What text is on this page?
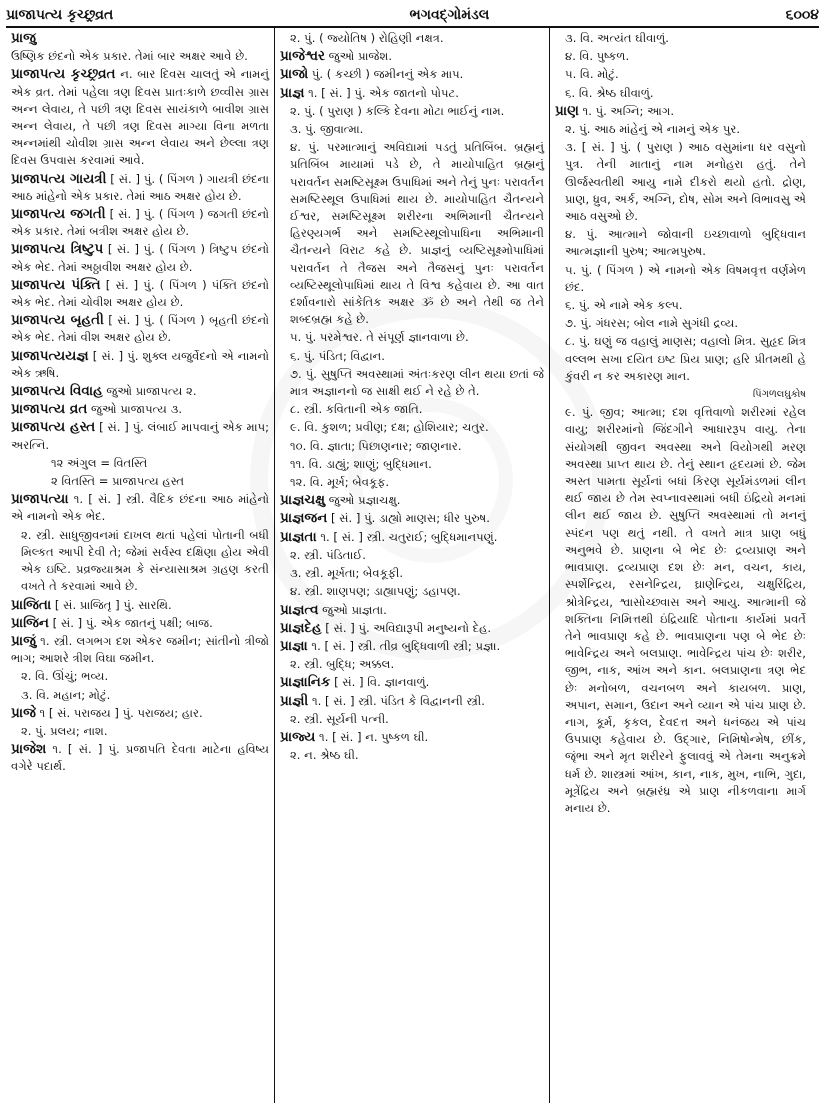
પ્રાજાપત્ય કૃચ્છ્રવ્રત	ભગવદ્ગોમંડલ	૬૦૦૪
પ્રાજુ
ઉષ્ણિક છંદનો એક પ્રકાર. તેમાં બાર અક્ષર આવે છે.
પ્રાજાપત્ય કૃચ્છ્રવ્રત ન. બાર દિવસ ચાલતું એ નામનું એક વ્રત. તેમાં પહેલા ત્રણ દિવસ પ્રાતઃકાળે છવ્વીસ ગ્રાસ અન્ન લેવાય, તે પછી ત્રણ દિવસ સાયંકાળે બાવીશ ગ્રાસ અન્ન લેવાય, તે પછી ત્રણ દિવસ માગ્યા વિના મળતા અન્નમાંથી ચોવીશ ગ્રાસ અન્ન લેવાય અને છેલ્લા ત્રણ દિવસ ઉપવાસ કરવામાં આવે.
પ્રાજાપત્ય ગાયત્રી [ સં. ] પું. ( પિંગળ ) ગાયત્રી છંદના આઠ માંહેનો એક પ્રકાર. તેમાં આઠ અક્ષર હોય છે.
પ્રાજાપત્ય જગતી [ સં. ] પું. ( પિંગળ ) જગતી છંદનો એક પ્રકાર. તેમાં બત્રીશ અક્ષર હોય છે.
પ્રાજાપત્ય ત્રિષ્ટુપ [ સં. ] પું. ( પિંગળ ) ત્રિષ્ટુપ છંદનો એક ભેદ. તેમાં અઠ્ઠાવીશ અક્ષર હોય છે.
પ્રાજાપત્ય પંક્તિ [ સં. ] પું. ( પિંગળ ) પંક્તિ છંદનો એક ભેદ. તેમાં ચોવીશ અક્ષર હોય છે.
પ્રાજાપત્ય બૃહતી [ સં. ] પું. ( પિંગળ ) બૃહતી છંદનો એક ભેદ. તેમાં વીશ અક્ષર હોય છે.
પ્રાજાપત્યયજ્ઞ [ સં. ] પું. શુક્લ યજુર્વેદનો એ નામનો એક ઋષિ.
પ્રાજાપત્ય વિવાહ જુઓ પ્રાજાપત્ય ૨.
પ્રાજાપત્ય વ્રત જુઓ પ્રાજાપત્ય ૩.
પ્રાજાપત્ય હસ્ત [ સં. ] પું. લંબાઈ માપવાનું એક માપ; અરત્નિ.
૧૨ અંગુલ = વિતસ્તિ
૨ વિતસ્તિ = પ્રાજાપત્ય હસ્ત
પ્રાજાપત્યા ૧. [ સં. ] સ્ત્રી. વૈદિક છંદના આઠ માંહેનો એ નામનો એક ભેદ.
૨. સ્ત્રી. સાધુજીવનમાં દાખલ થતાં પહેલાં પોતાની બધી મિલ્કત આપી દેવી તે; જેમાં સર્વસ્વ દક્ષિણા હોય એવી એક ઇષ્ટિ. પ્રવ્રજ્યાશ્રમ કે સંન્યાસાશ્રમ ગ્રહણ કરતી વખતે તે કરવામાં આવે છે.
પ્રાજિતા [ સં. પ્રાજિતૃ ] પું. સારથિ.
પ્રાજિન [ સં. ] પું. એક જાતનું પક્ષી; બાજ.
પ્રાજું ૧. સ્ત્રી. લગભગ દશ એકર જમીન; સાંતીનો ત્રીજો ભાગ; આશરે ત્રીશ વિઘા જમીન.
૨. વિ. ઊંચું; ભવ્ય.
૩. વિ. મહાન; મોટું.
પ્રાજે ૧ [ સં. પરાજય ] પું. પરાજય; હાર.
૨. પું. પ્રલય; નાશ.
પ્રાજેશ ૧. [ સં. ] પું. પ્રજાપતિ દેવતા માટેના હવિષ્ય વગેરે પદાર્થ.
૨. પું. ( જ્યોતિષ ) રોહિણી નક્ષત્ર.
પ્રાજેશ્વર જુઓ પ્રાજેશ.
પ્રાજો પું. ( કચ્છી ) જમીનનું એક માપ.
પ્રાજ્ઞ ૧. [ સં. ] પું. એક જાતનો પોપટ.
૨. પું. ( પુરાણ ) કલ્કિ દેવના મોટા ભાઈનું નામ.
૩. પું. જીવાત્મા.
૪. પું. પરમાત્માનું અવિદ્યામાં પડતું પ્રતિબિંબ. બ્રહ્મનું પ્રતિબિંબ માયામાં પડે છે, તે માયોપાહિત બ્રહ્મનું પરાવર્તન સમષ્ટિસૂક્ષ્મ ઉપાધિમાં અને તેનું પુનઃ પરાવર્તન સમષ્ટિસ્થૂલ ઉપાધિમાં થાય છે. માયોપાહિત ચૈતન્યને ઈશ્વર, સમષ્ટિસૂક્ષ્મ શરીરના અભિમાની ચૈતન્યને હિરણ્યગર્ભ અને સમષ્ટિસ્થૂલોપાધિના અભિમાની ચૈતન્યને વિરાટ કહે છે. પ્રાજ્ઞનું વ્યષ્ટિસૂક્ષ્મોપાધિમાં પરાવર્તન તે તૈજસ અને તૈજસનું પુનઃ પરાવર્તન વ્યષ્ટિસ્થૂલોપાધિમાં થાય તે વિશ્વ કહેવાય છે. આ વાત દર્શાવનારો સાંકેતિક અક્ષર ૐ છે અને તેથી જ તેને શબ્દબ્રહ્મ કહે છે.
૫. પું. પરમેશ્વર. તે સંપૂર્ણ જ્ઞાનવાળા છે.
૬. પું. પંડિત; વિદ્વાન.
૭. પું. સુષુપ્તિ અવસ્થામાં અંતઃકરણ લીન થયા છતાં જે માત્ર અજ્ઞાનનો જ સાક્ષી થઈ ને રહે છે તે.
૮. સ્ત્રી. કવિતાની એક જાતિ.
૯. વિ. કુશળ; પ્રવીણ; દક્ષ; હોશિયાર; ચતુર.
૧૦. વિ. જ્ઞાતા; પિછાણનાર; જાણનાર.
૧૧. વિ. ડાહ્યું; શાણું; બુદ્ધિમાન.
૧૨. વિ. મૂર્ખ; બેવકૂફ.
પ્રાજ્ઞચક્ષુ જુઓ પ્રજ્ઞાચક્ષુ.
પ્રાજ્ઞજન [ સં. ] પું. ડાહ્યો માણસ; ધીર પુરુષ.
પ્રાજ્ઞતા ૧. [ સં. ] સ્ત્રી. ચતુરાઈ; બુદ્ધિમાનપણું.
૨. સ્ત્રી. પંડિતાઈ.
૩. સ્ત્રી. મૂર્ખતા; બેવકૂફી.
૪. સ્ત્રી. શાણપણ; ડાહ્યાપણું; ડહાપણ.
પ્રાજ્ઞત્વ જુઓ પ્રાજ્ઞતા.
પ્રાજ્ઞદેહ [ સં. ] પું. અવિદ્યારૂપી મનુષ્યનો દેહ.
પ્રાજ્ઞા ૧. [ સં. ] સ્ત્રી. તીવ્ર બુદ્ધિવાળી સ્ત્રી; પ્રજ્ઞા.
૨. સ્ત્રી. બુદ્ધિ; અક્કલ.
પ્રાજ્ઞાનિક [ સં. ] વિ. જ્ઞાનવાળું.
પ્રાજ્ઞી ૧. [ સં. ] સ્ત્રી. પંડિત કે વિદ્વાનની સ્ત્રી.
૨. સ્ત્રી. સૂર્યની પત્ની.
પ્રાજ્ય ૧. [ સં. ] ન. પુષ્કળ ઘી.
૨. ન. શ્રેષ્ઠ ઘી.
૩. વિ. અત્યંત ઘીવાળું.
૪. વિ. પુષ્કળ.
૫. વિ. મોટું.
૬. વિ. શ્રેષ્ઠ ઘીવાળું.
પ્રાણ ૧. પું. અગ્નિ; આગ.
૨. પું. આઠ માંહેનું એ નામનું એક પુર.
૩. [ સં. ] પું. ( પુરાણ ) આઠ વસુમાંના ધર વસુનો પુત્ર. તેની માતાનું નામ મનોહરા હતું. તેને ઊર્જસ્વતીથી આયુ નામે દીકરો થયો હતો. દ્રોણ, પ્રાણ, ધ્રુવ, અર્ક, અગ્નિ, દોષ, સોમ અને વિભાવસુ એ આઠ વસુઓ છે.
૪. પું. આત્માને જોવાની ઇચ્છાવાળો બુદ્ધિવાન આત્મજ્ઞાની પુરુષ; આત્મપુરુષ.
૫. પું. ( પિંગળ ) એ નામનો એક વિષમવૃત્ત વર્ણમેળ છંદ.
૬. પું. એ નામે એક કલ્પ.
૭. પું. ગંધરસ; બોલ નામે સુગંધી દ્રવ્ય.
૮. પું. ઘણું જ વહાલું માણસ; વહાલો મિત્ર. સુહૃદ મિત્ર વલ્લભ સખા દયિત ઇષ્ટ પ્રિય પ્રાણ; હરિ પ્રીતમથી હે કુંવરી ન કર અકારણ માન.
પિંગળલઘુકોષ
૯. પું. જીવ; આત્મા; દશ વૃત્તિવાળો શરીરમાં રહેલ વાયુ; શરીરમાંનો જિંદગીને આધારરૂપ વાયુ. તેના સંયોગથી જીવન અવસ્થા અને વિયોગથી મરણ અવસ્થા પ્રાપ્ત થાય છે. તેનું સ્થાન હૃદયમાં છે. જેમ અસ્ત પામતા સૂર્યનાં બધાં કિરણ સૂર્યમંડળમાં લીન થઈ જાય છે તેમ સ્વપ્નાવસ્થામાં બધી ઇંદ્રિયો મનમાં લીન થઈ જાય છે. સુષુપ્તિ અવસ્થામાં તો મનનું સ્પંદન પણ થતું નથી. તે વખતે માત્ર પ્રાણ બધું અનુભવે છે. પ્રાણના બે ભેદ છેઃ દ્રવ્યપ્રાણ અને ભાવપ્રાણ. દ્રવ્યપ્રાણ દશ છેઃ મન, વચન, કાય, સ્પર્શેન્દ્રિય, રસનેન્દ્રિય, ઘ્રાણેન્દ્રિય, ચક્ષુરિંદ્રિય, શ્રોત્રેન્દ્રિય, શ્વાસોચ્છ્વાસ અને આયુ. આત્માની જે શક્તિના નિમિત્તથી ઇંદ્રિયાદિ પોતાના કાર્યમાં પ્રવર્તે તેને ભાવપ્રાણ કહે છે. ભાવપ્રાણના પણ બે ભેદ છેઃ ભાવેન્દ્રિય અને બલપ્રાણ. ભાવેન્દ્રિય પાંચ છેઃ શરીર, જીભ, નાક, આંખ અને કાન. બલપ્રાણના ત્રણ ભેદ છેઃ મનોબળ, વચનબળ અને કાયબળ. પ્રાણ, અપાન, સમાન, ઉદાન અને વ્યાન એ પાંચ પ્રાણ છે. નાગ, કૂર્મ, કૃકલ, દેવદત્ત અને ધનંજય એ પાંચ ઉપપ્રાણ કહેવાય છે. ઉદ્ગાર, નિમિષોન્મેષ, છીંક, જૃંભા અને મૃત શરીરને ફુલાવવું એ તેમના અનુક્રમે ધર્મ છે. શાસ્ત્રમાં આંખ, કાન, નાક, મુખ, નાભિ, ગુદા, મૂત્રેંદ્રિય અને બ્રહ્મરંધ્ર એ પ્રાણ નીકળવાના માર્ગ મનાય છે.
